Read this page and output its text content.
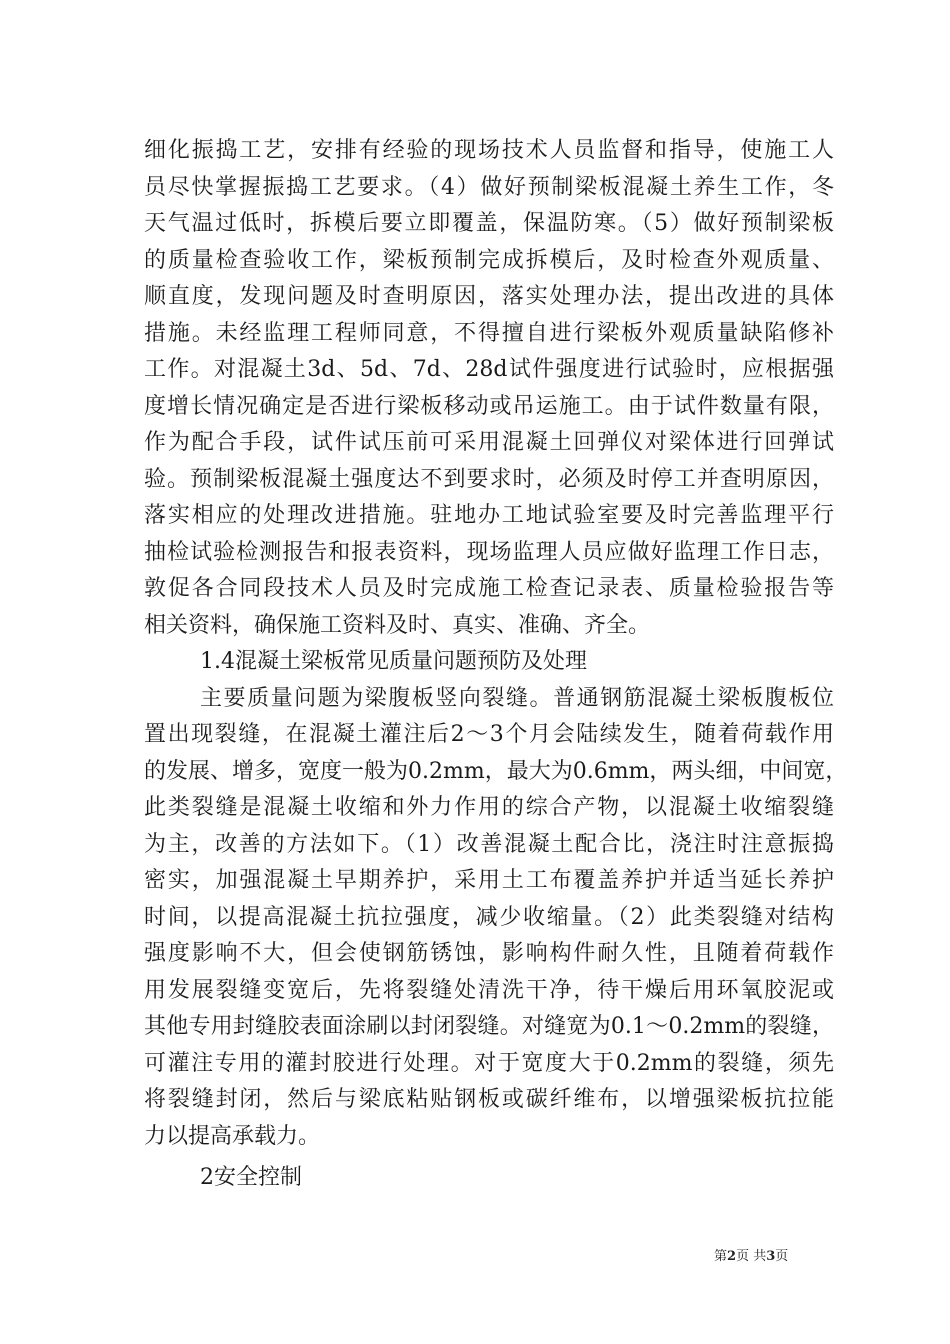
细化振捣工艺，安排有经验的现场技术人员监督和指导，使施工人
员尽快掌握振捣工艺要求。（4）做好预制梁板混凝土养生工作，冬
天气温过低时，拆模后要立即覆盖，保温防寒。（5）做好预制梁板
的质量检查验收工作，梁板预制完成拆模后，及时检查外观质量、
顺直度，发现问题及时查明原因，落实处理办法，提出改进的具体
措施。未经监理工程师同意，不得擅自进行梁板外观质量缺陷修补
工作。对混凝土3d、5d、7d、28d试件强度进行试验时，应根据强
度增长情况确定是否进行梁板移动或吊运施工。由于试件数量有限，
作为配合手段，试件试压前可采用混凝土回弹仪对梁体进行回弹试
验。预制梁板混凝土强度达不到要求时，必须及时停工并查明原因，
落实相应的处理改进措施。驻地办工地试验室要及时完善监理平行
抽检试验检测报告和报表资料，现场监理人员应做好监理工作日志，
敦促各合同段技术人员及时完成施工检查记录表、质量检验报告等
相关资料，确保施工资料及时、真实、准确、齐全。
1.4混凝土梁板常见质量问题预防及处理
主要质量问题为梁腹板竖向裂缝。普通钢筋混凝土梁板腹板位
置出现裂缝，在混凝土灌注后2～3个月会陆续发生，随着荷载作用
的发展、增多，宽度一般为0.2mm，最大为0.6mm，两头细，中间宽，
此类裂缝是混凝土收缩和外力作用的综合产物，以混凝土收缩裂缝
为主，改善的方法如下。（1）改善混凝土配合比，浇注时注意振捣
密实，加强混凝土早期养护，采用土工布覆盖养护并适当延长养护
时间，以提高混凝土抗拉强度，减少收缩量。（2）此类裂缝对结构
强度影响不大，但会使钢筋锈蚀，影响构件耐久性，且随着荷载作
用发展裂缝变宽后，先将裂缝处清洗干净，待干燥后用环氧胶泥或
其他专用封缝胶表面涂刷以封闭裂缝。对缝宽为0.1～0.2mm的裂缝，
可灌注专用的灌封胶进行处理。对于宽度大于0.2mm的裂缝，须先
将裂缝封闭，然后与梁底粘贴钢板或碳纤维布，以增强梁板抗拉能
力以提高承载力。
2安全控制
第2页 共3页
